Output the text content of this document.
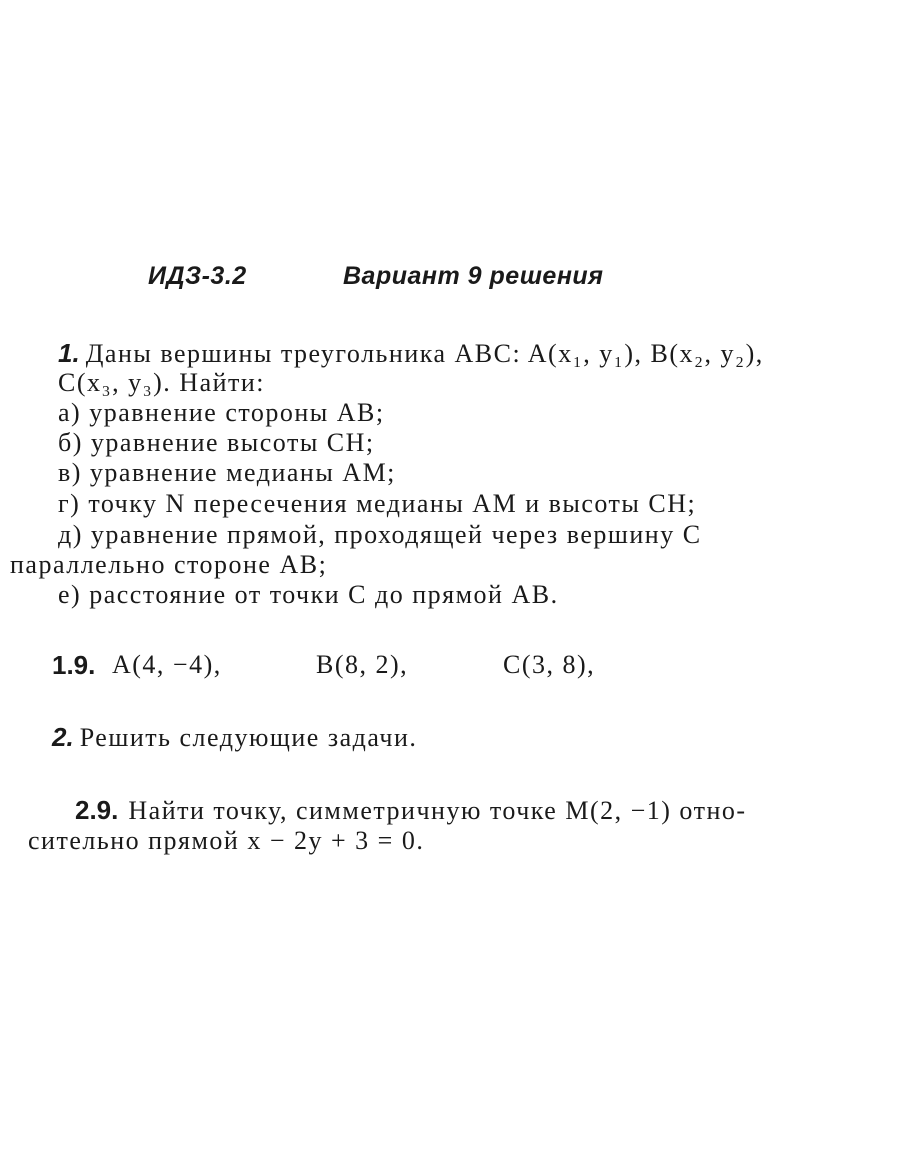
ИДЗ-3.2	Вариант 9 решения
1. Даны вершины треугольника ABC: A(x₁, y₁), B(x₂, y₂),
C(x₃, y₃). Найти:
а) уравнение стороны AB;
б) уравнение высоты CH;
в) уравнение медианы AM;
г) точку N пересечения медианы AM и высоты CH;
д) уравнение прямой, проходящей через вершину C
параллельно стороне AB;
е) расстояние от точки C до прямой AB.
1.9. A(4, −4),	B(8, 2),	C(3, 8),
2. Решить следующие задачи.
2.9. Найти точку, симметричную точке M(2, −1) отно-
сительно прямой x − 2y + 3 = 0.
